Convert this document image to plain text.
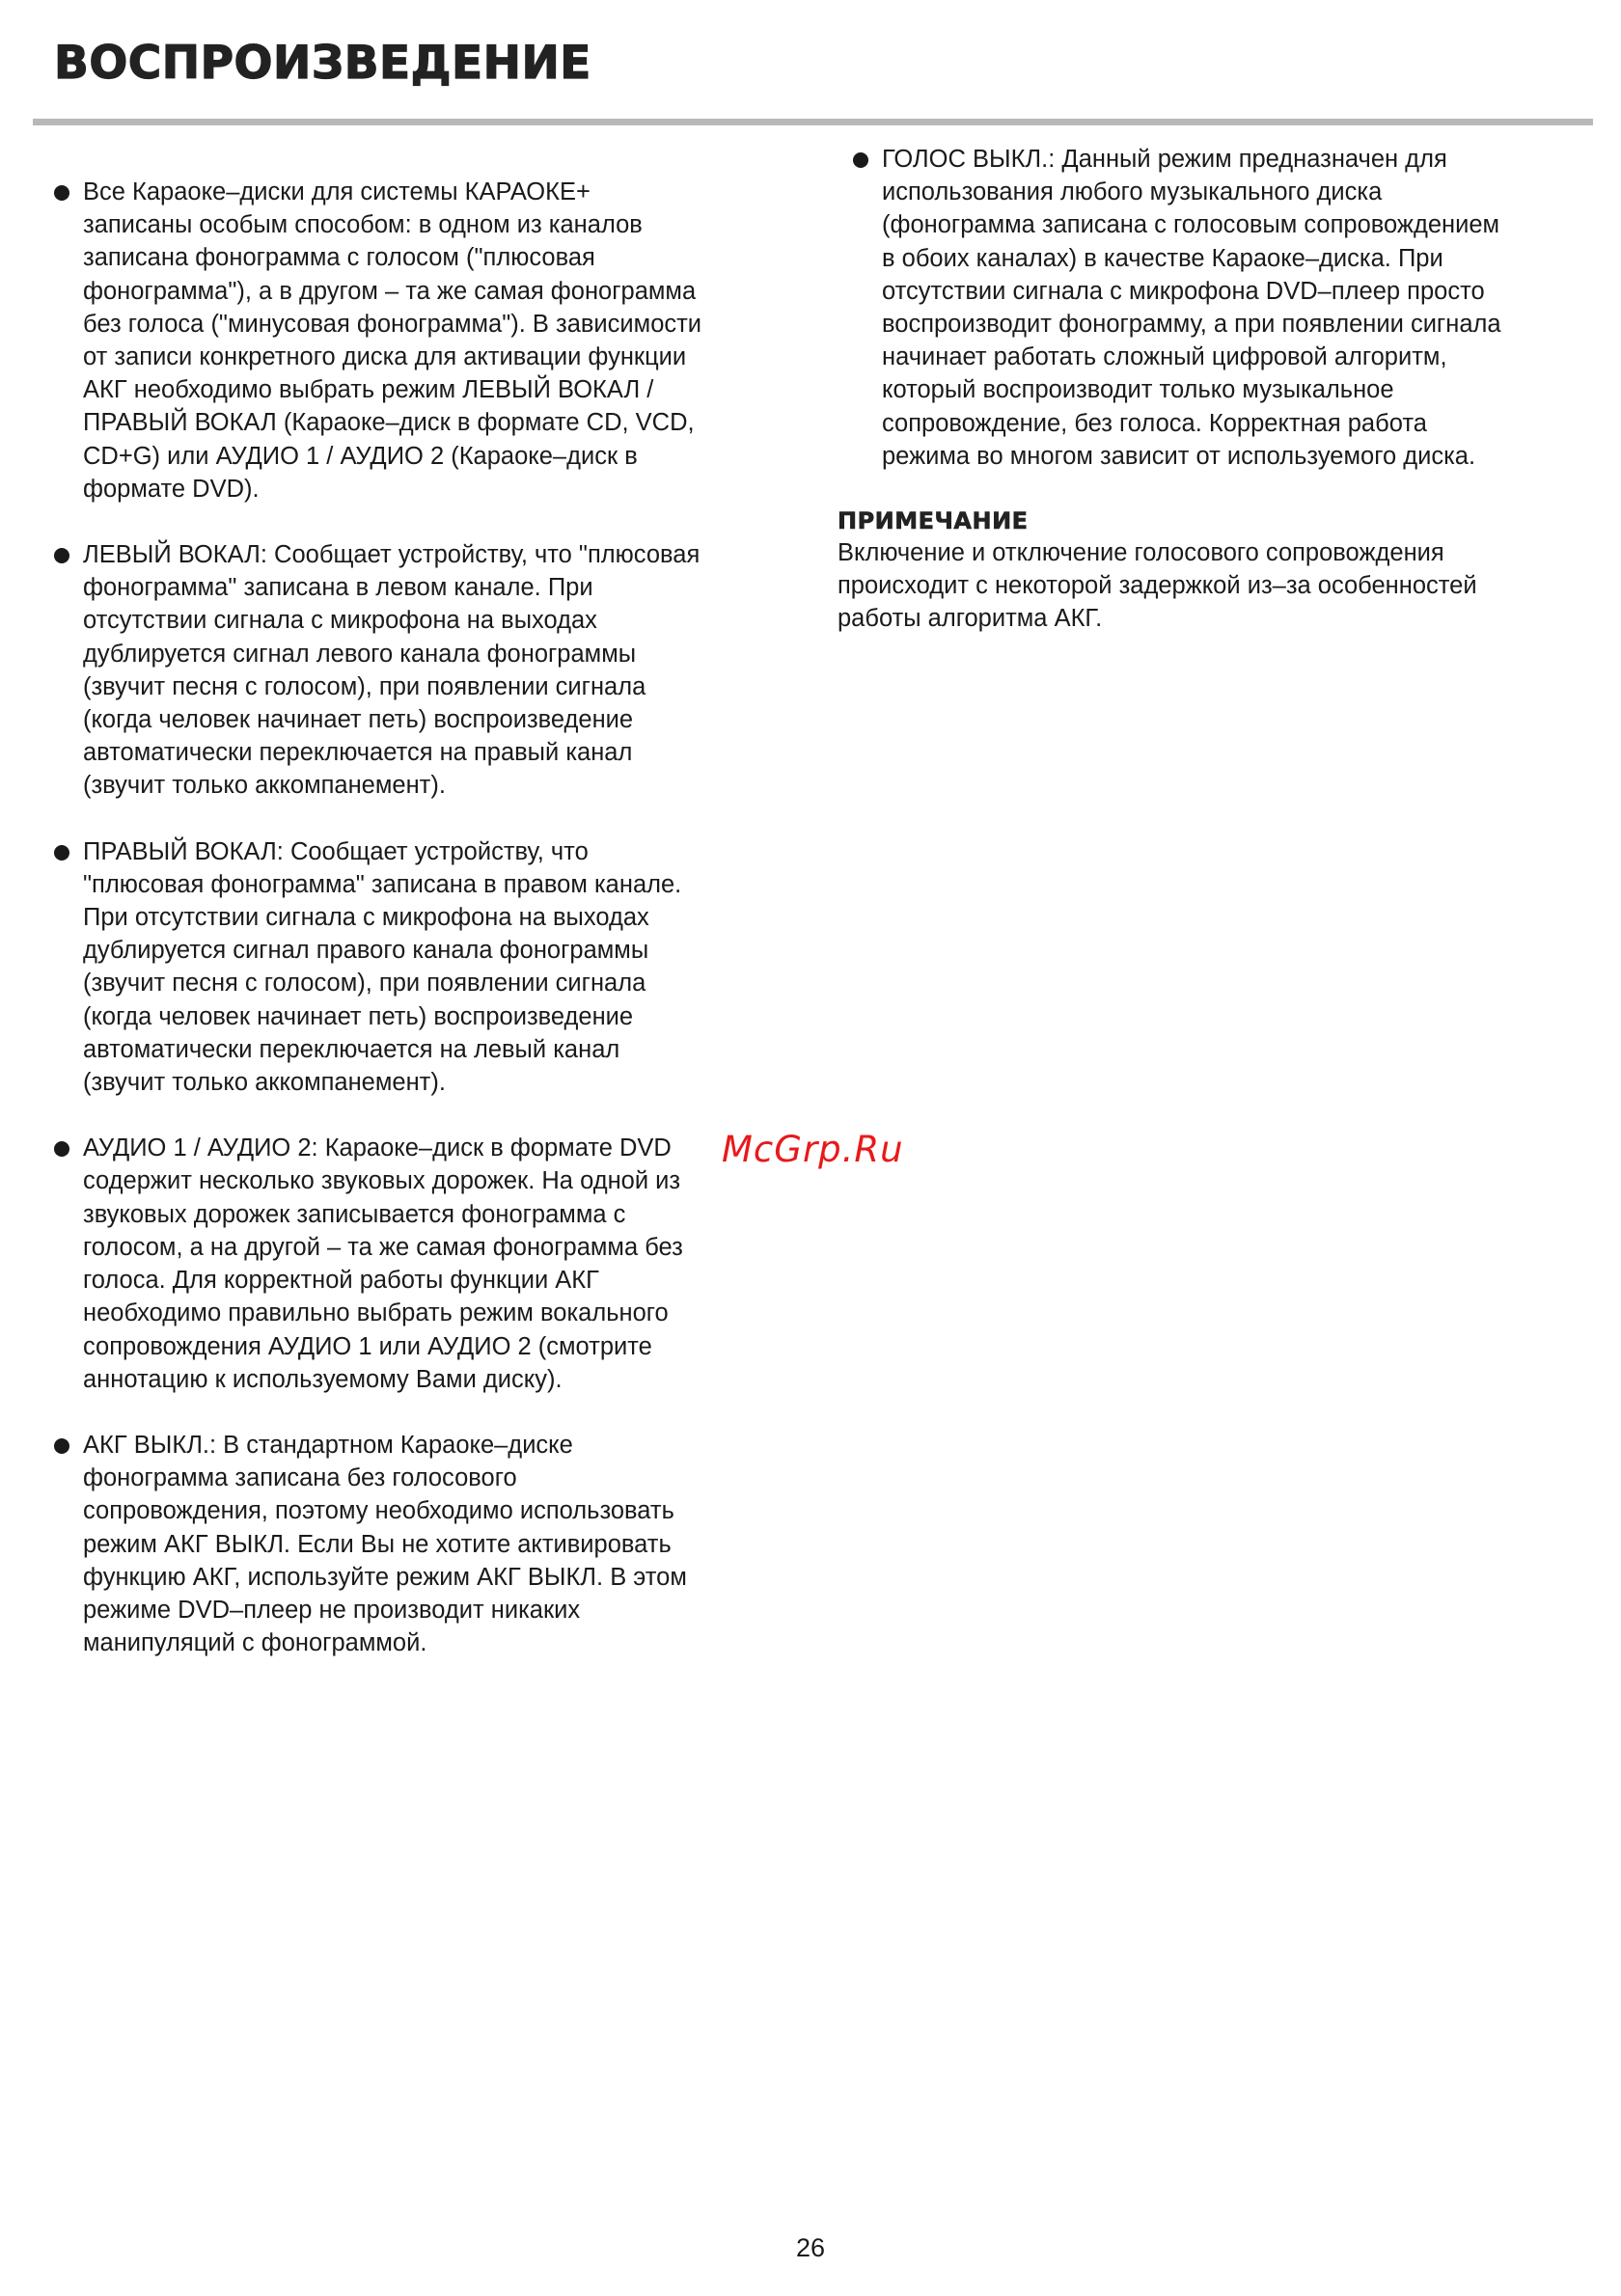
ВОСПРОИЗВЕДЕНИЕ
Все Караоке–диски для системы КАРАОКЕ+
записаны особым способом: в одном из каналов
записана фонограмма с голосом ("плюсовая
фонограмма"), а в другом – та же самая фонограмма
без голоса ("минусовая фонограмма"). В зависимости
от записи конкретного диска для активации функции
АКГ необходимо выбрать режим ЛЕВЫЙ ВОКАЛ /
ПРАВЫЙ ВОКАЛ (Караоке–диск в формате CD, VCD,
CD+G) или АУДИО 1 / АУДИО 2 (Караоке–диск в
формате DVD).
ЛЕВЫЙ ВОКАЛ: Сообщает устройству, что "плюсовая
фонограмма" записана в левом канале. При
отсутствии сигнала с микрофона на выходах
дублируется сигнал левого канала фонограммы
(звучит песня с голосом), при появлении сигнала
(когда человек начинает петь) воспроизведение
автоматически переключается на правый канал
(звучит только аккомпанемент).
ПРАВЫЙ ВОКАЛ: Сообщает устройству, что
"плюсовая фонограмма" записана в правом канале.
При отсутствии сигнала с микрофона на выходах
дублируется сигнал правого канала фонограммы
(звучит песня с голосом), при появлении сигнала
(когда человек начинает петь) воспроизведение
автоматически переключается на левый канал
(звучит только аккомпанемент).
АУДИО 1 / АУДИО 2: Караоке–диск в формате DVD
содержит несколько звуковых дорожек. На одной из
звуковых дорожек записывается фонограмма с
голосом, а на другой – та же самая фонограмма без
голоса. Для корректной работы функции АКГ
необходимо правильно выбрать режим вокального
сопровождения АУДИО 1 или АУДИО 2 (смотрите
аннотацию к используемому Вами диску).
АКГ ВЫКЛ.: В стандартном Караоке–диске
фонограмма записана без голосового
сопровождения, поэтому необходимо использовать
режим АКГ ВЫКЛ. Если Вы не хотите активировать
функцию АКГ, используйте режим АКГ ВЫКЛ. В этом
режиме DVD–плеер не производит никаких
манипуляций с фонограммой.
ГОЛОС ВЫКЛ.: Данный режим предназначен для
использования любого музыкального диска
(фонограмма записана с голосовым сопровождением
в обоих каналах) в качестве Караоке–диска. При
отсутствии сигнала с микрофона DVD–плеер просто
воспроизводит фонограмму, а при появлении сигнала
начинает работать сложный цифровой алгоритм,
который воспроизводит только музыкальное
сопровождение, без голоса. Корректная работа
режима во многом зависит от используемого диска.
ПРИМЕЧАНИЕ
Включение и отключение голосового сопровождения
происходит с некоторой задержкой из–за особенностей
работы алгоритма АКГ.
McGrp.Ru
26
